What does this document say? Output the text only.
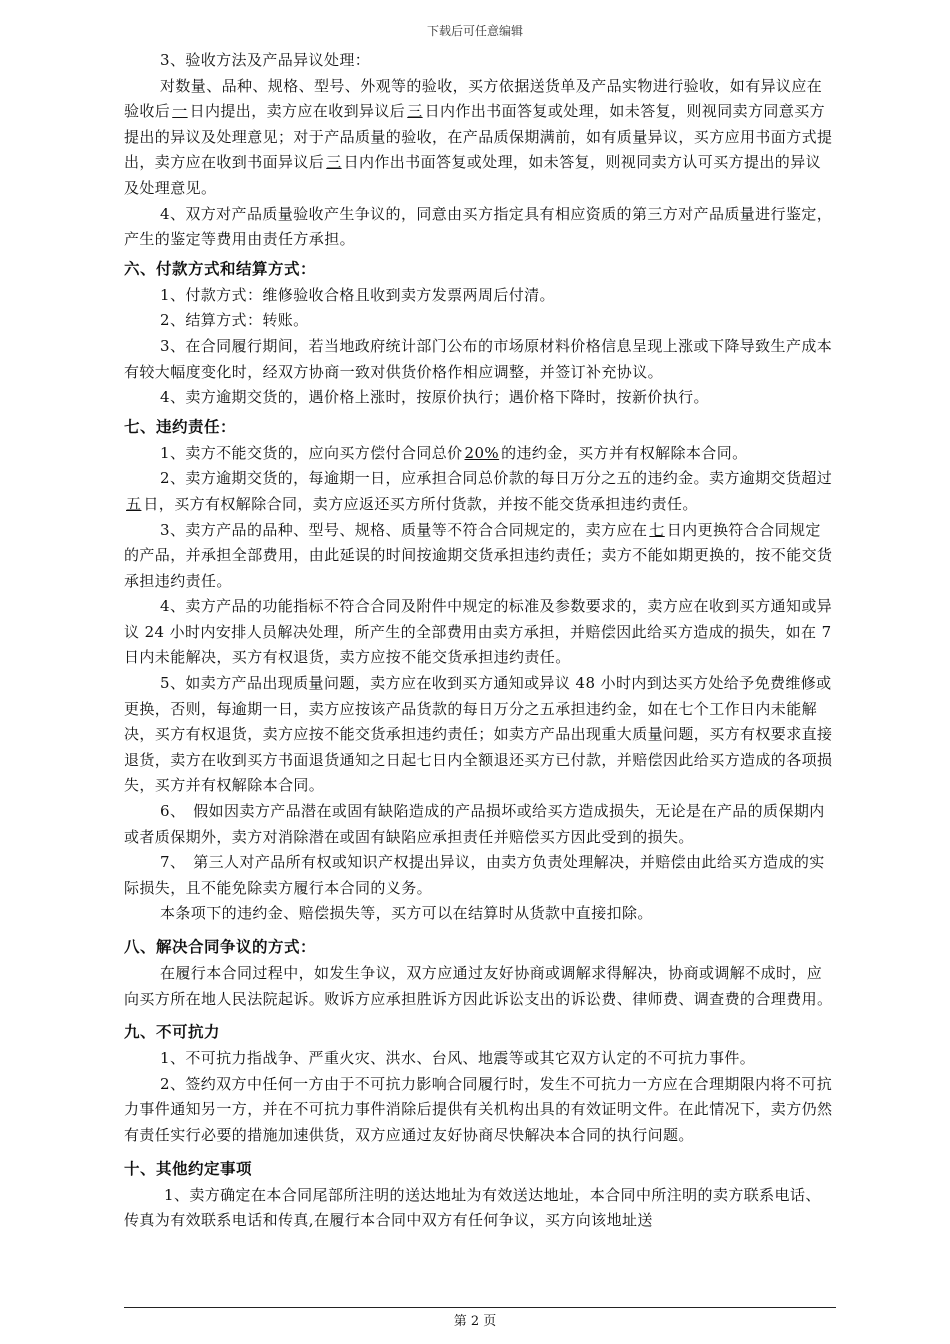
下载后可任意编辑

3、验收方法及产品异议处理：

对数量、品种、规格、型号、外观等的验收，买方依据送货单及产品实物进行验收，如有异议应在验收后 一 日内提出，卖方应在收到异议后 三 日内作出书面答复或处理，如未答复，则视同卖方同意买方提出的异议及处理意见；对于产品质量的验收，在产品质保期满前，如有质量异议，买方应用书面方式提出，卖方应在收到书面异议后 三 日内作出书面答复或处理，如未答复，则视同卖方认可买方提出的异议及处理意见。

4、双方对产品质量验收产生争议的，同意由买方指定具有相应资质的第三方对产品质量进行鉴定，产生的鉴定等费用由责任方承担。

六、付款方式和结算方式：

1、付款方式：维修验收合格且收到卖方发票两周后付清。

2、结算方式：转账。

3、在合同履行期间，若当地政府统计部门公布的市场原材料价格信息呈现上涨或下降导致生产成本有较大幅度变化时，经双方协商一致对供货价格作相应调整，并签订补充协议。

4、卖方逾期交货的，遇价格上涨时，按原价执行；遇价格下降时，按新价执行。

七、违约责任：

1、卖方不能交货的，应向买方偿付合同总价 20% 的违约金，买方并有权解除本合同。

2、卖方逾期交货的，每逾期一日，应承担合同总价款的每日万分之五的违约金。卖方逾期交货超过五 日，买方有权解除合同，卖方应返还买方所付货款，并按不能交货承担违约责任。

3、卖方产品的品种、型号、规格、质量等不符合合同规定的，卖方应在 七 日内更换符合合同规定的产品，并承担全部费用，由此延误的时间按逾期交货承担违约责任；卖方不能如期更换的，按不能交货承担违约责任。

4、卖方产品的功能指标不符合合同及附件中规定的标准及参数要求的，卖方应在收到买方通知或异议 24 小时内安排人员解决处理，所产生的全部费用由卖方承担，并赔偿因此给买方造成的损失，如在 7 日内未能解决，买方有权退货，卖方应按不能交货承担违约责任。

5、如卖方产品出现质量问题，卖方应在收到买方通知或异议 48 小时内到达买方处给予免费维修或更换，否则，每逾期一日，卖方应按该产品货款的每日万分之五承担违约金，如在七个工作日内未能解决，买方有权退货，卖方应按不能交货承担违约责任；如卖方产品出现重大质量问题，买方有权要求直接退货，卖方在收到买方书面退货通知之日起七日内全额退还买方已付款，并赔偿因此给买方造成的各项损失，买方并有权解除本合同。

6、　假如因卖方产品潜在或固有缺陷造成的产品损坏或给买方造成损失，无论是在产品的质保期内或者质保期外，卖方对消除潜在或固有缺陷应承担责任并赔偿买方因此受到的损失。

7、　第三人对产品所有权或知识产权提出异议，由卖方负责处理解决，并赔偿由此给买方造成的实际损失，且不能免除卖方履行本合同的义务。

本条项下的违约金、赔偿损失等，买方可以在结算时从货款中直接扣除。

八、解决合同争议的方式：

在履行本合同过程中，如发生争议，双方应通过友好协商或调解求得解决，协商或调解不成时，应向买方所在地人民法院起诉。败诉方应承担胜诉方因此诉讼支出的诉讼费、律师费、调查费的合理费用。

九、不可抗力

1、不可抗力指战争、严重火灾、洪水、台风、地震等或其它双方认定的不可抗力事件。

2、签约双方中任何一方由于不可抗力影响合同履行时，发生不可抗力一方应在合理期限内将不可抗力事件通知另一方，并在不可抗力事件消除后提供有关机构出具的有效证明文件。在此情况下，卖方仍然有责任实行必要的措施加速供货，双方应通过友好协商尽快解决本合同的执行问题。

十、其他约定事项

1、卖方确定在本合同尾部所注明的送达地址为有效送达地址，本合同中所注明的卖方联系电话、传真为有效联系电话和传真,在履行本合同中双方有任何争议，买方向该地址送

第 2 页
